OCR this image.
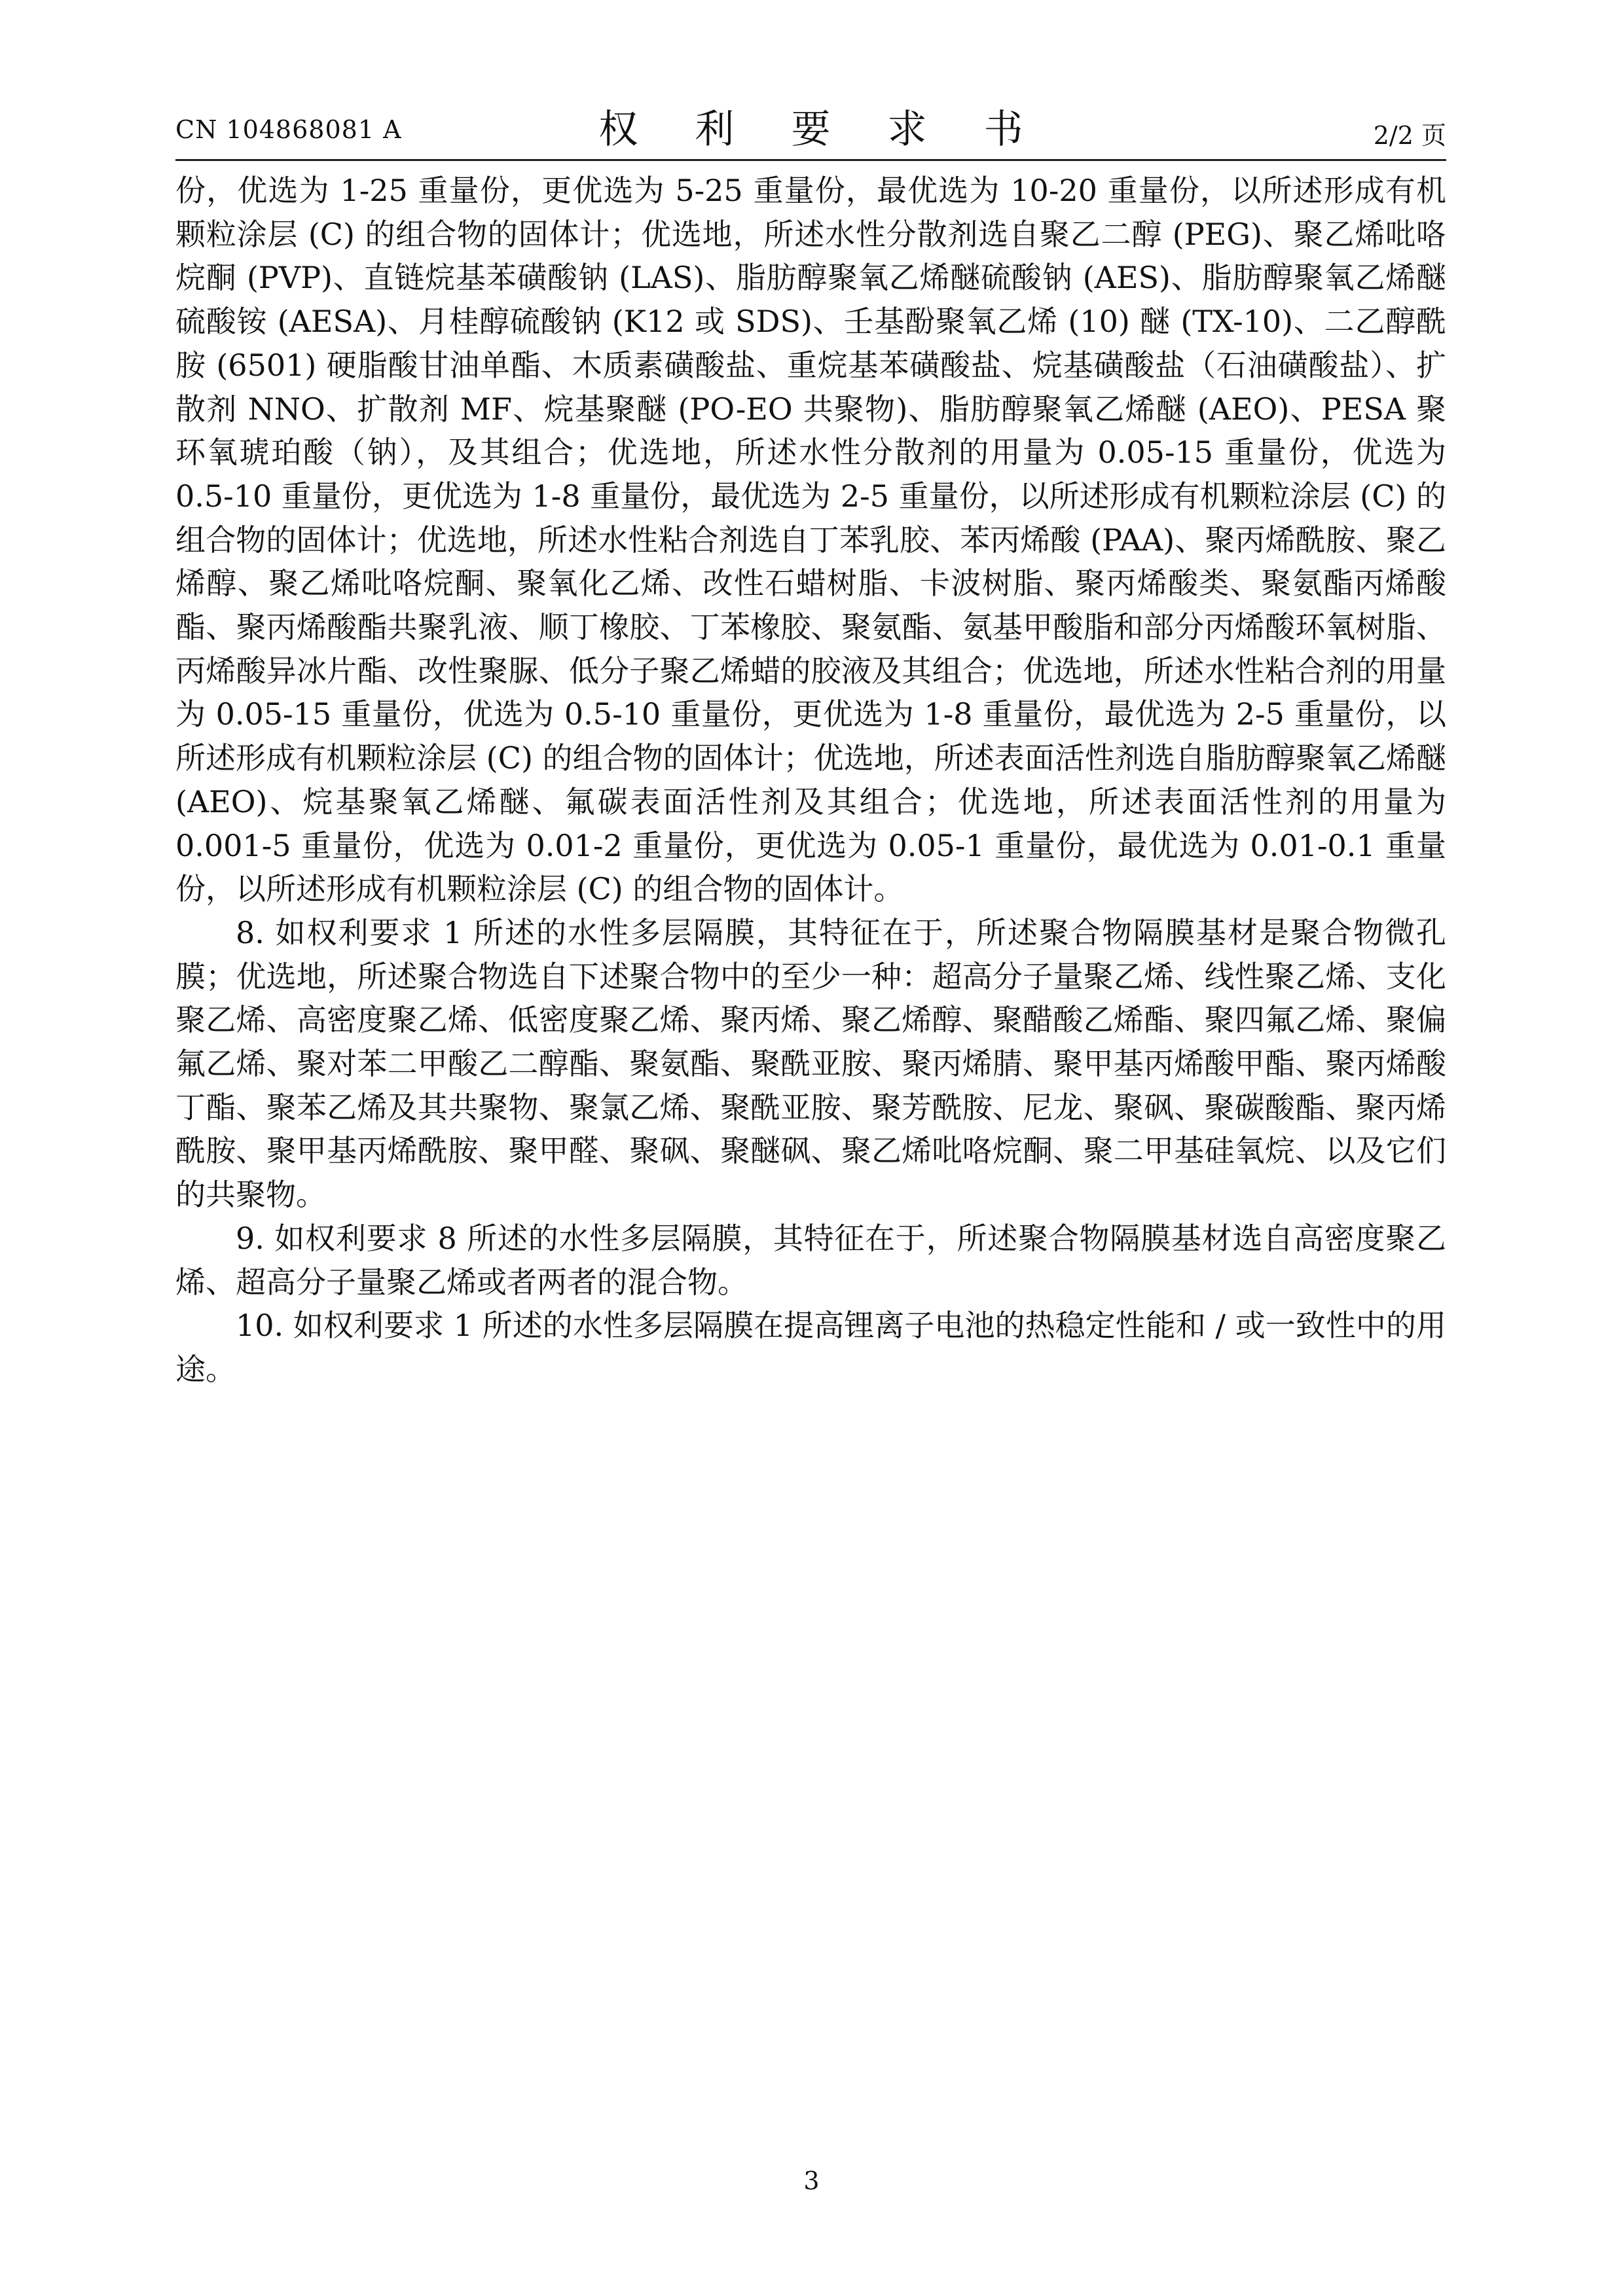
CN 104868081 A	权 利 要 求 书	2/2 页

份，优选为 1-25 重量份，更优选为 5-25 重量份，最优选为 10-20 重量份，以所述形成有机颗粒涂层 (C) 的组合物的固体计；优选地，所述水性分散剂选自聚乙二醇 (PEG)、聚乙烯吡咯烷酮 (PVP)、直链烷基苯磺酸钠 (LAS)、脂肪醇聚氧乙烯醚硫酸钠 (AES)、脂肪醇聚氧乙烯醚硫酸铵 (AESA)、月桂醇硫酸钠 (K12 或 SDS)、壬基酚聚氧乙烯 (10) 醚 (TX-10)、二乙醇酰胺 (6501) 硬脂酸甘油单酯、木质素磺酸盐、重烷基苯磺酸盐、烷基磺酸盐（石油磺酸盐）、扩散剂 NNO、扩散剂 MF、烷基聚醚 (PO-EO 共聚物)、脂肪醇聚氧乙烯醚 (AEO)、PESA 聚环氧琥珀酸（钠），及其组合；优选地，所述水性分散剂的用量为 0.05-15 重量份，优选为 0.5-10 重量份，更优选为 1-8 重量份，最优选为 2-5 重量份，以所述形成有机颗粒涂层 (C) 的组合物的固体计；优选地，所述水性粘合剂选自丁苯乳胶、苯丙烯酸 (PAA)、聚丙烯酰胺、聚乙烯醇、聚乙烯吡咯烷酮、聚氧化乙烯、改性石蜡树脂、卡波树脂、聚丙烯酸类、聚氨酯丙烯酸酯、聚丙烯酸酯共聚乳液、顺丁橡胶、丁苯橡胶、聚氨酯、氨基甲酸脂和部分丙烯酸环氧树脂、丙烯酸异冰片酯、改性聚脲、低分子聚乙烯蜡的胶液及其组合；优选地，所述水性粘合剂的用量为 0.05-15 重量份，优选为 0.5-10 重量份，更优选为 1-8 重量份，最优选为 2-5 重量份，以所述形成有机颗粒涂层 (C) 的组合物的固体计；优选地，所述表面活性剂选自脂肪醇聚氧乙烯醚 (AEO)、烷基聚氧乙烯醚、氟碳表面活性剂及其组合；优选地，所述表面活性剂的用量为 0.001-5 重量份，优选为 0.01-2 重量份，更优选为 0.05-1 重量份，最优选为 0.01-0.1 重量份，以所述形成有机颗粒涂层 (C) 的组合物的固体计。

8. 如权利要求 1 所述的水性多层隔膜，其特征在于，所述聚合物隔膜基材是聚合物微孔膜；优选地，所述聚合物选自下述聚合物中的至少一种：超高分子量聚乙烯、线性聚乙烯、支化聚乙烯、高密度聚乙烯、低密度聚乙烯、聚丙烯、聚乙烯醇、聚醋酸乙烯酯、聚四氟乙烯、聚偏氟乙烯、聚对苯二甲酸乙二醇酯、聚氨酯、聚酰亚胺、聚丙烯腈、聚甲基丙烯酸甲酯、聚丙烯酸丁酯、聚苯乙烯及其共聚物、聚氯乙烯、聚酰亚胺、聚芳酰胺、尼龙、聚砜、聚碳酸酯、聚丙烯酰胺、聚甲基丙烯酰胺、聚甲醛、聚砜、聚醚砜、聚乙烯吡咯烷酮、聚二甲基硅氧烷、以及它们的共聚物。

9. 如权利要求 8 所述的水性多层隔膜，其特征在于，所述聚合物隔膜基材选自高密度聚乙烯、超高分子量聚乙烯或者两者的混合物。

10. 如权利要求 1 所述的水性多层隔膜在提高锂离子电池的热稳定性能和 / 或一致性中的用途。

3
